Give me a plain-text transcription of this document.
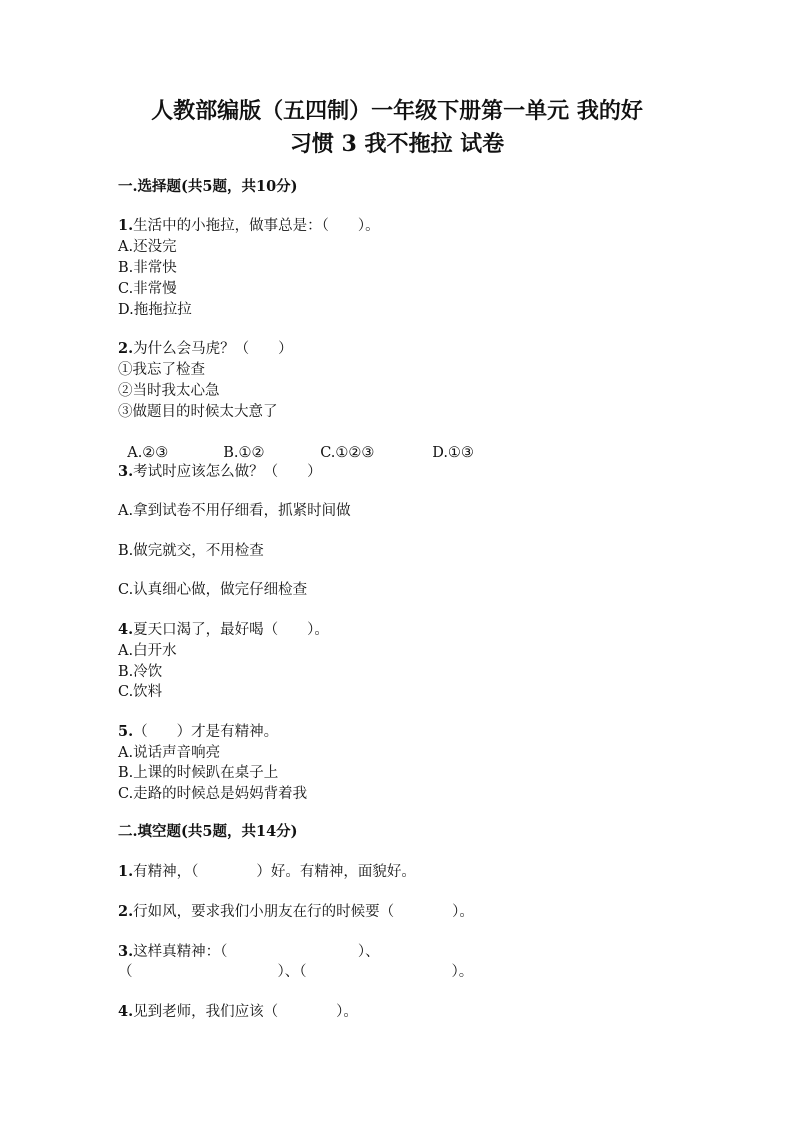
人教部编版（五四制）一年级下册第一单元 我的好
习惯 3 我不拖拉 试卷
一.选择题(共5题，共10分)
1.生活中的小拖拉，做事总是：（　　）。
A.还没完
B.非常快
C.非常慢
D.拖拖拉拉
2.为什么会马虎？（　　）
①我忘了检查
②当时我太心急
③做题目的时候太大意了

A.②③	B.①②	C.①②③	D.①③

3.考试时应该怎么做？（　　）
A.拿到试卷不用仔细看，抓紧时间做
B.做完就交，不用检查
C.认真细心做，做完仔细检查
4.夏天口渴了，最好喝（　　）。
A.白开水
B.冷饮
C.饮料
5.（　　）才是有精神。
A.说话声音响亮
B.上课的时候趴在桌子上
C.走路的时候总是妈妈背着我
二.填空题(共5题，共14分)
1.有精神，（　　　　）好。有精神，面貌好。
2.行如风，要求我们小朋友在行的时候要（　　　　）。
3.这样真精神：（　　　　　　　　　）、
（　　　　　　　　　　）、（　　　　　　　　　　）。
4.见到老师，我们应该（　　　　）。
